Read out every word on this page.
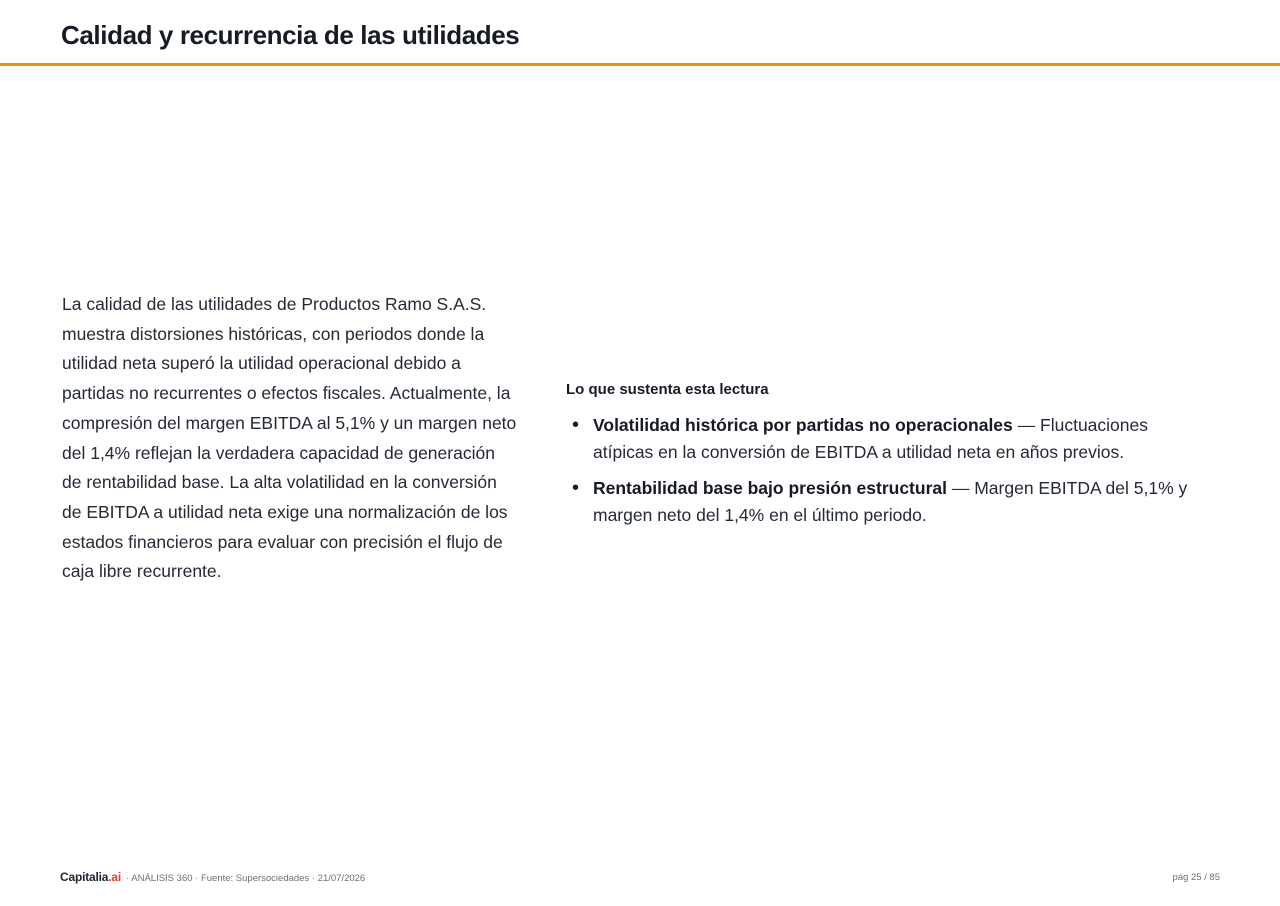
Calidad y recurrencia de las utilidades

La calidad de las utilidades de Productos Ramo S.A.S. muestra distorsiones históricas, con periodos donde la utilidad neta superó la utilidad operacional debido a partidas no recurrentes o efectos fiscales. Actualmente, la compresión del margen EBITDA al 5,1% y un margen neto del 1,4% reflejan la verdadera capacidad de generación de rentabilidad base. La alta volatilidad en la conversión de EBITDA a utilidad neta exige una normalización de los estados financieros para evaluar con precisión el flujo de caja libre recurrente.

Lo que sustenta esta lectura
• Volatilidad histórica por partidas no operacionales — Fluctuaciones atípicas en la conversión de EBITDA a utilidad neta en años previos.
• Rentabilidad base bajo presión estructural — Margen EBITDA del 5,1% y margen neto del 1,4% en el último periodo.
Capitalia.ai · ANÁLISIS 360 · Fuente: Supersociedades · 21/07/2026	pág 25 / 85
